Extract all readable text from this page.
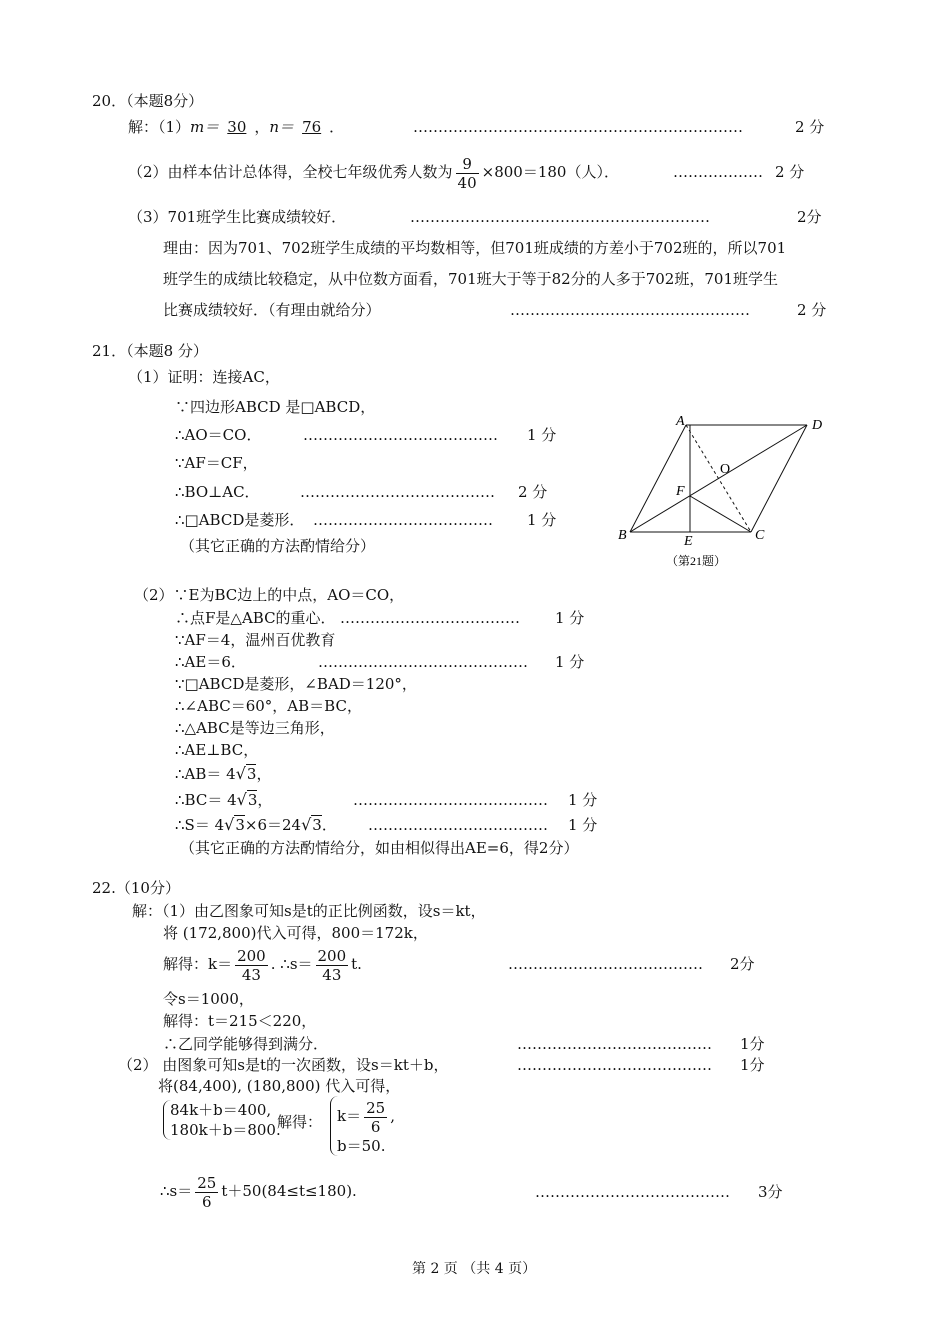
20．（本题8分）
解：（1）m＝ 30 ，n＝ 76 ．	…………………………………………………………	2 分
（2）由样本估计总体得，全校七年级优秀人数为 $\frac{9}{40} \times 800=180$（人）．	……………… 2 分
（3）701班学生比赛成绩较好．	……………………………………………………	2分
理由：因为701、702班学生成绩的平均数相等，但701班成绩的方差小于702班的，所以701
班学生的成绩比较稳定，从中位数方面看，701班大于等于82分的人多于702班，701班学生
比赛成绩较好．（有理由就给分）	…………………………………………	2 分
21．（本题8 分）
（1）证明：连接AC，
∵四边形ABCD 是□ABCD，
∴AO＝CO．	………………………………… 1 分
∵AF＝CF，
∴BO⊥AC．	………………………………… 2 分
∴□ABCD是菱形． ……………………………… 1 分
（其它正确的方法酌情给分）
A	D
B	C
E
F
O
（第21题）
（2）∵E为BC边上的中点，AO＝CO，
∴点F是△ABC的重心． ……………………………… 1 分
∵AF＝4，温州百优教育
∴AE＝6．	…………………………………… 1 分
∵□ABCD是菱形，∠BAD＝120°，
∴∠ABC＝60°，AB＝BC，
∴△ABC是等边三角形，
∴AE⊥BC，
∴AB＝ 4√3，
∴BC＝ 4√3，	………………………………… 1 分
∴S＝ 4√3×6＝24√3． ……………………………… 1 分
（其它正确的方法酌情给分，如由相似得出AE=6，得2分）
22.（10分）
解：（1）由乙图象可知s是t的正比例函数，设s＝kt，
将 (172,800)代入可得，800＝172k，
解得：$k= \frac{200}{43}$ . ∴s＝ $\frac{200}{43} t$.	………………………………… 2分
令s＝1000，
解得：t＝215＜220，
∴乙同学能够得到满分．	………………………………… 1分
（2） 由图象可知s是t的一次函数，设s＝kt＋b，	………………………………… 1分
将(84,400), (180,800) 代入可得，
84k＋b＝400,
180k＋b＝800.
解得： $k= \frac{25}{6}$ ,
b＝50.
∴s＝ $\frac{25}{6} t+50(84\le t\le 180)$.	………………………………… 3分
第 2 页 （共 4 页）
